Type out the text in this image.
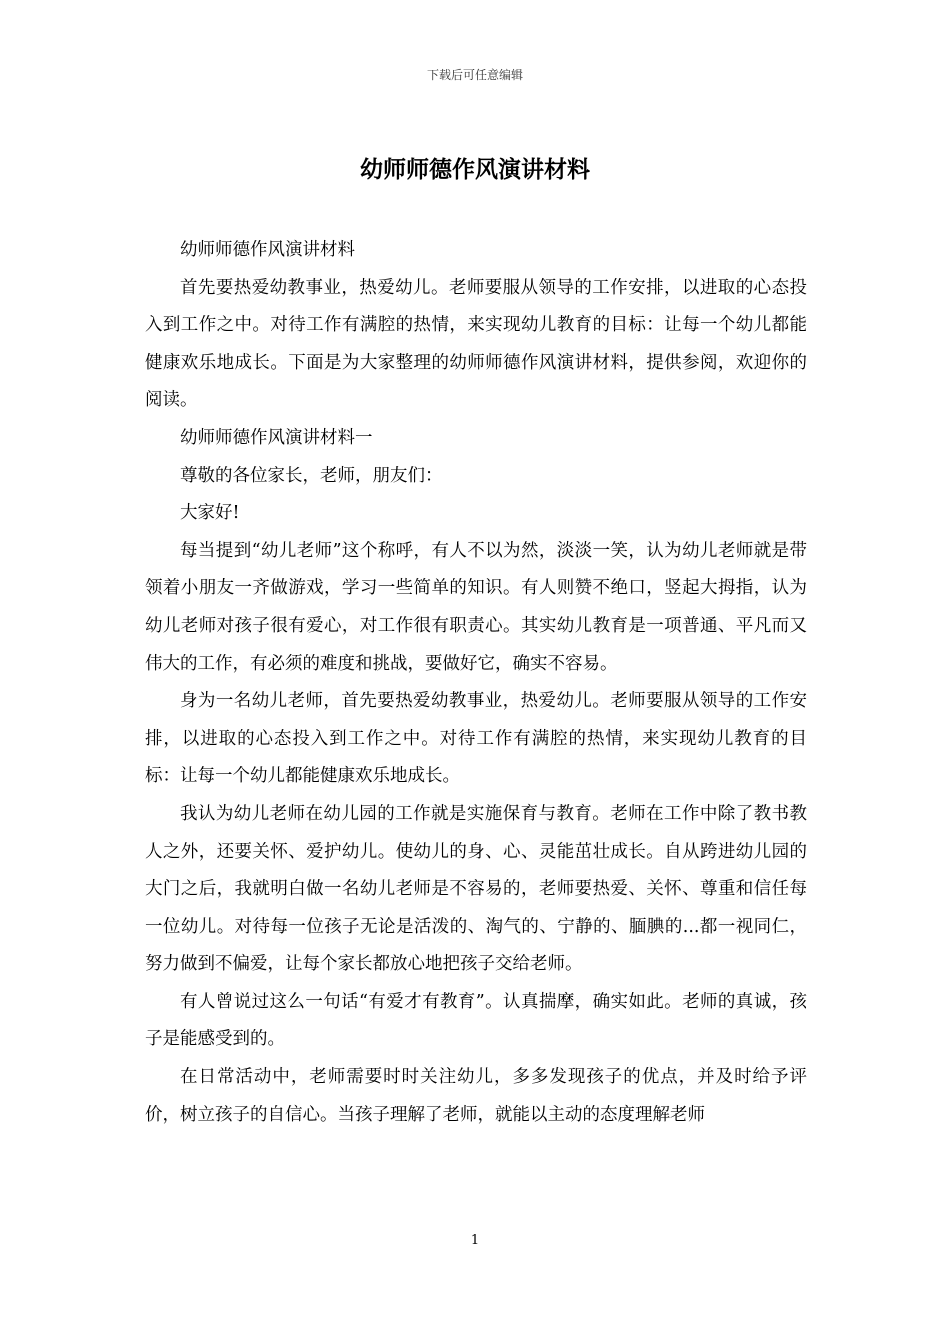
下载后可任意编辑
幼师师德作风演讲材料

幼师师德作风演讲材料

首先要热爱幼教事业，热爱幼儿。老师要服从领导的工作安排，以进取的心态投入到工作之中。对待工作有满腔的热情，来实现幼儿教育的目标：让每一个幼儿都能健康欢乐地成长。下面是为大家整理的幼师师德作风演讲材料，提供参阅，欢迎你的阅读。

幼师师德作风演讲材料一

尊敬的各位家长，老师，朋友们：

大家好!

每当提到“幼儿老师”这个称呼，有人不以为然，淡淡一笑，认为幼儿老师就是带领着小朋友一齐做游戏，学习一些简单的知识。有人则赞不绝口，竖起大拇指，认为幼儿老师对孩子很有爱心，对工作很有职责心。其实幼儿教育是一项普通、平凡而又伟大的工作，有必须的难度和挑战，要做好它，确实不容易。

身为一名幼儿老师，首先要热爱幼教事业，热爱幼儿。老师要服从领导的工作安排，以进取的心态投入到工作之中。对待工作有满腔的热情，来实现幼儿教育的目标：让每一个幼儿都能健康欢乐地成长。

我认为幼儿老师在幼儿园的工作就是实施保育与教育。老师在工作中除了教书教人之外，还要关怀、爱护幼儿。使幼儿的身、心、灵能茁壮成长。自从跨进幼儿园的大门之后，我就明白做一名幼儿老师是不容易的，老师要热爱、关怀、尊重和信任每一位幼儿。对待每一位孩子无论是活泼的、淘气的、宁静的、腼腆的...都一视同仁，努力做到不偏爱，让每个家长都放心地把孩子交给老师。

有人曾说过这么一句话“有爱才有教育”。认真揣摩，确实如此。老师的真诚，孩子是能感受到的。

在日常活动中，老师需要时时关注幼儿，多多发现孩子的优点，并及时给予评价，树立孩子的自信心。当孩子理解了老师，就能以主动的态度理解老师

1
